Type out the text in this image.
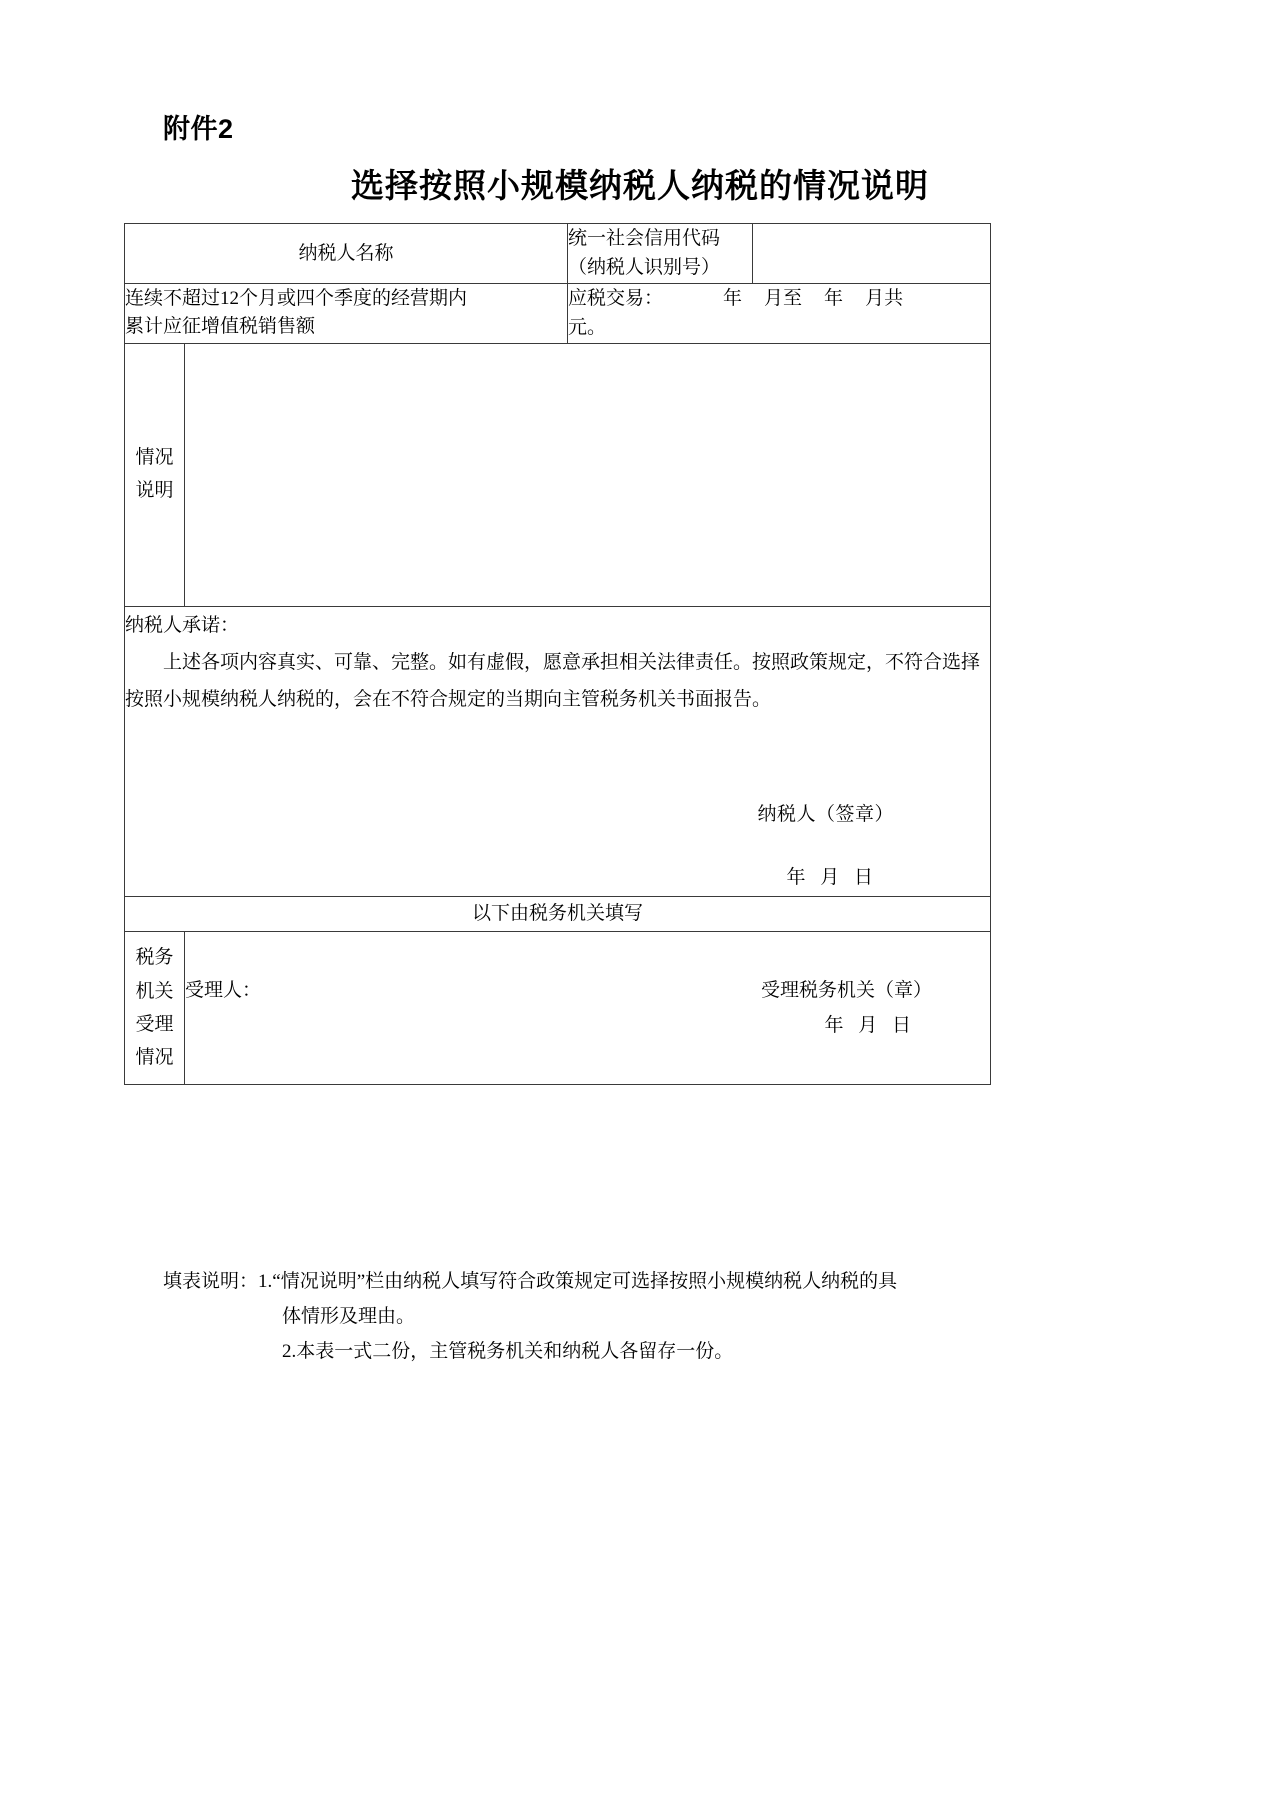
附件2
选择按照小规模纳税人纳税的情况说明
纳税人名称		统一社会信用代码
（纳税人识别号）	

连续不超过12个月或四个季度的经营期内
累计应征增值税销售额		应税交易： 年 月至 年 月共元。	

情况
说明			

纳税人承诺：
上述各项内容真实、可靠、完整。如有虚假，愿意承担相关法律责任。按照政策规定，不符合选择按照小规模纳税人纳税的，会在不符合规定的当期向主管税务机关书面报告。
纳税人（签章）
年 月 日			

以下由税务机关填写			

税务
机关
受理
情况

受理人：	受理税务机关（章）
年 月 日
填表说明： 1. “情况说明”栏由纳税人填写符合政策规定可选择按照小规模纳税人纳税的具
体情形及理由。
2. 本表一式二份，主管税务机关和纳税人各留存一份。
